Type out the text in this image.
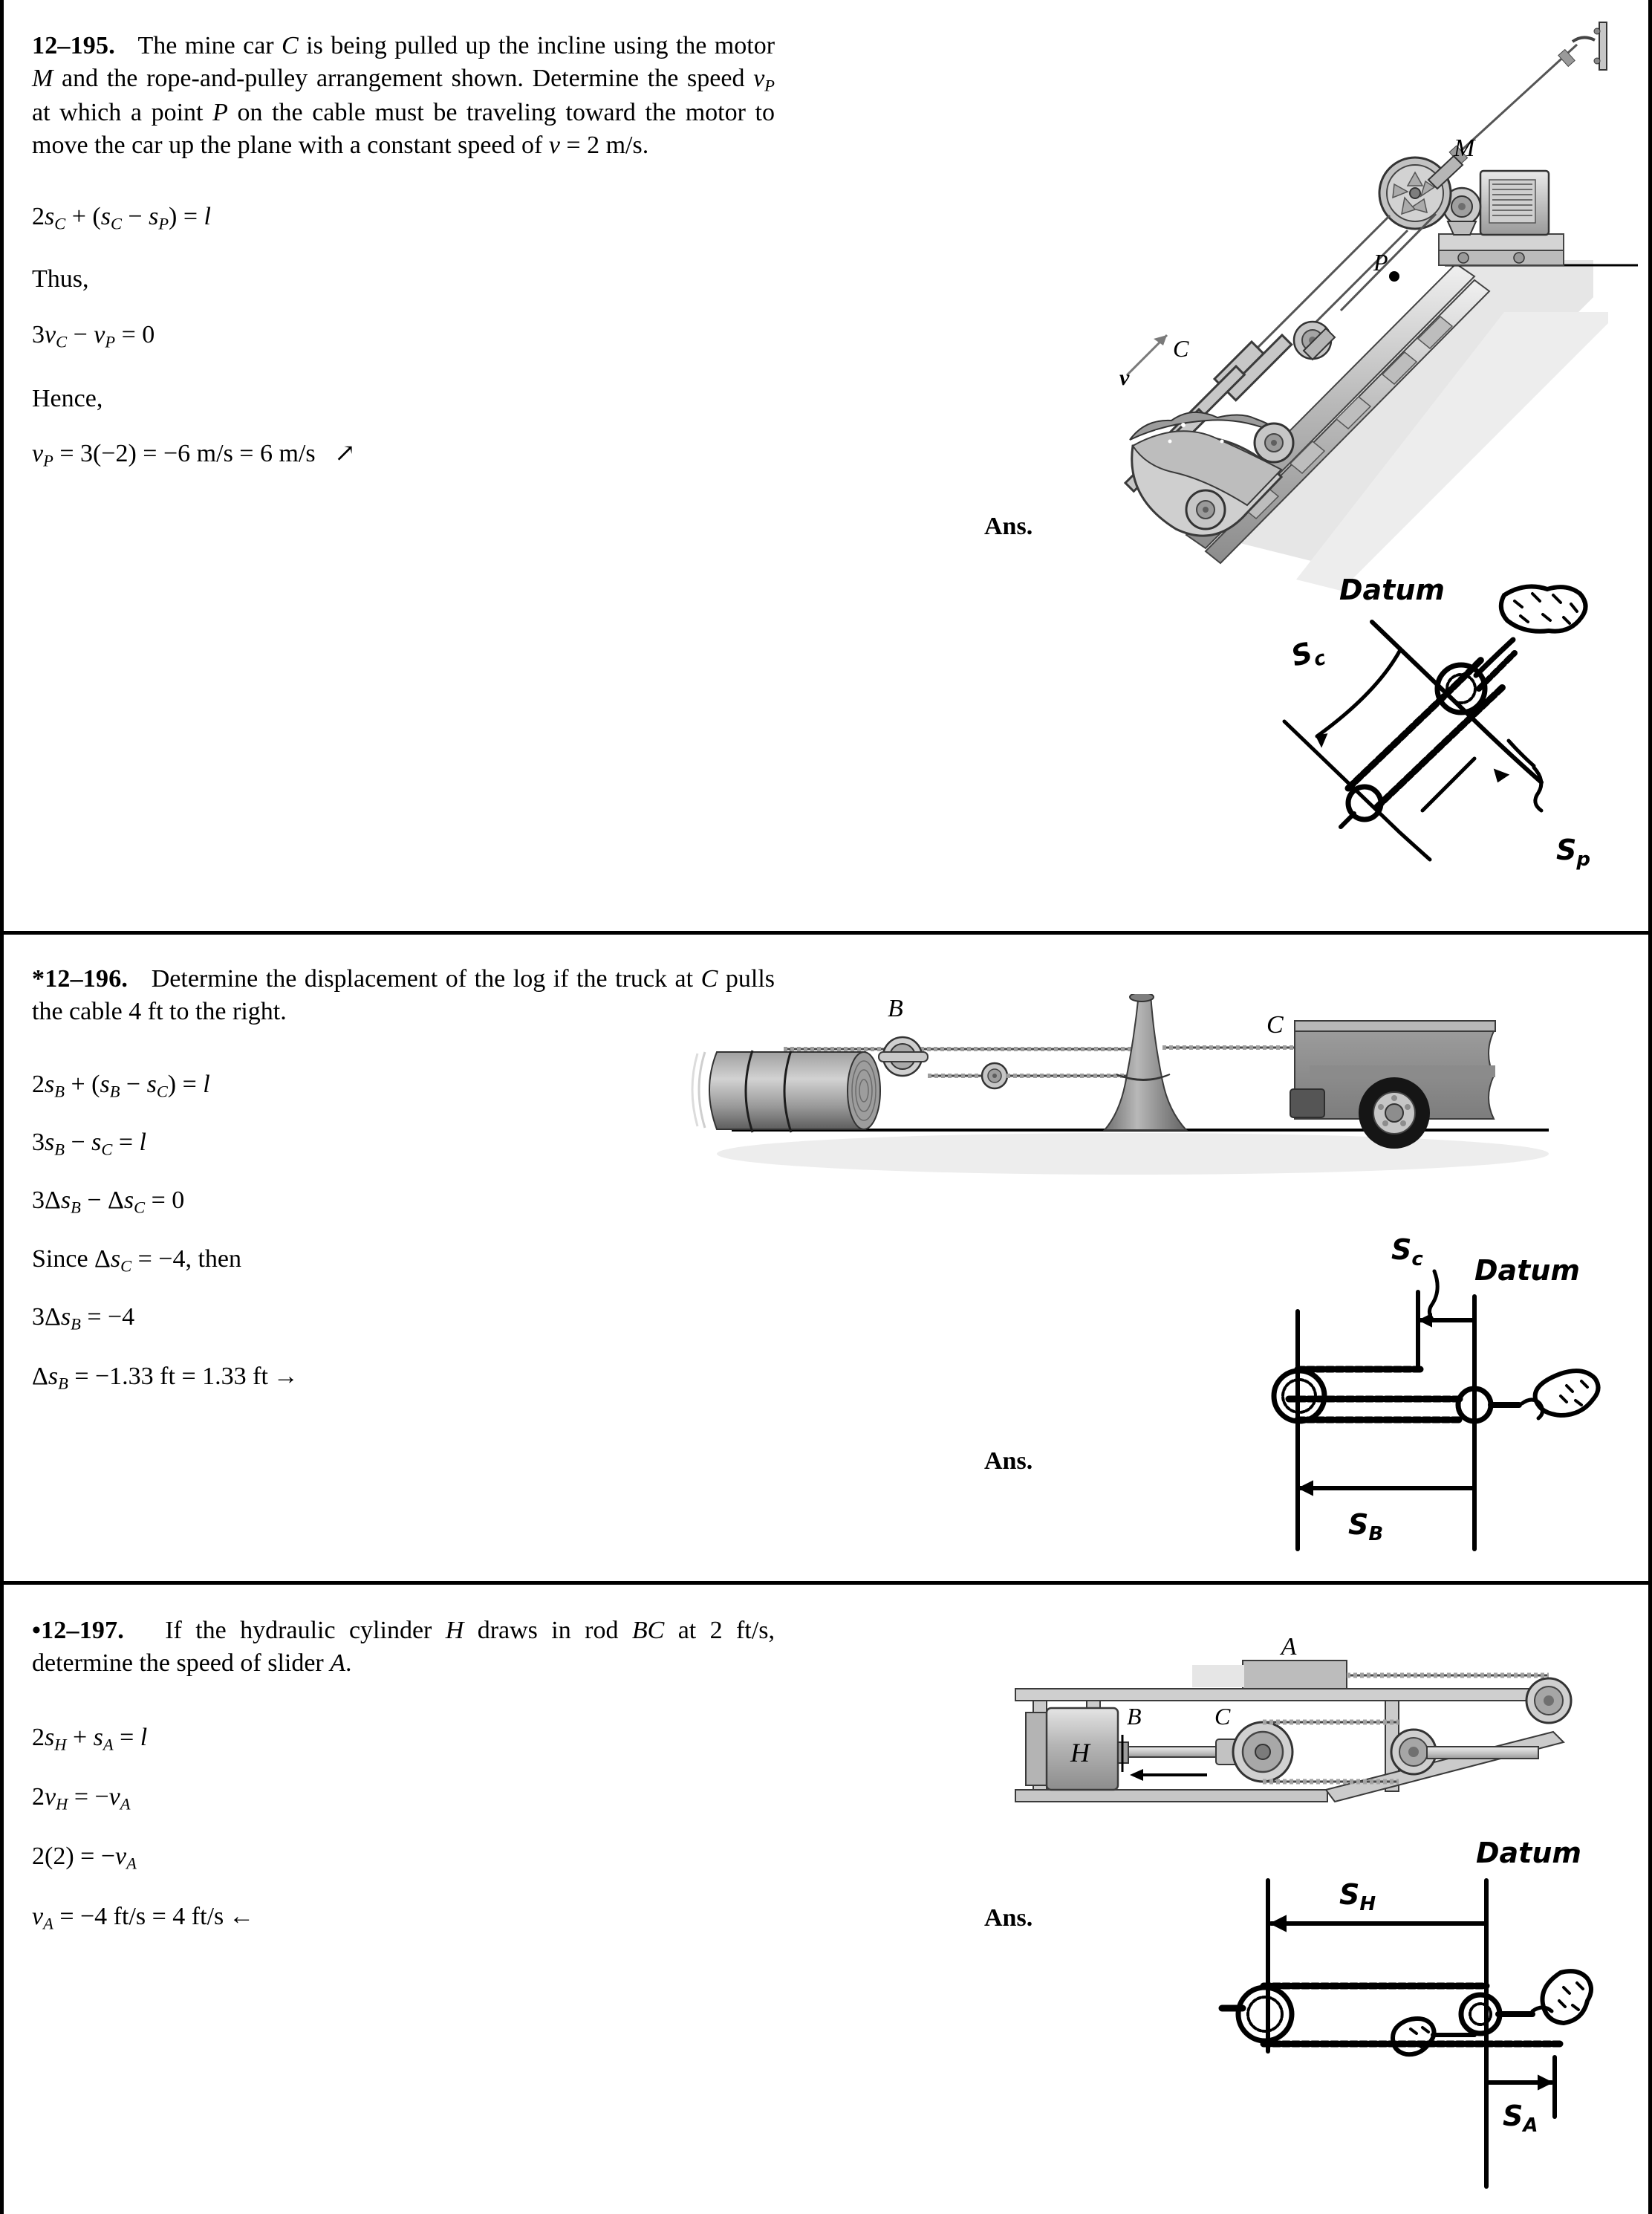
12–195.   The mine car C is being pulled up the incline using the motor M and the rope-and-pulley arrangement shown. Determine the speed $v_P$ at which a point P on the cable must be traveling toward the motor to move the car up the plane with a constant speed of v = 2 m/s.

$2s_C + (s_C - s_P) = l$
Thus,
$3v_C - v_P = 0$
Hence,
$v_P = 3(-2) = -6$ m/s = 6 m/s   ↗
Ans.
v
C
M
P
Datum
$S_c$
$S_p$

*12–196.   Determine the displacement of the log if the truck at C pulls the cable 4 ft to the right.

$2s_B + (s_B - s_C) = l$
$3s_B - s_C = l$
$3\Delta s_B - \Delta s_C = 0$
Since $\Delta s_C = -4$, then
$3\Delta s_B = -4$
$\Delta s_B = -1.33$ ft = 1.33 ft →
Ans.
B
C
$S_c$ Datum
$S_B$

•12–197.   If the hydraulic cylinder H draws in rod BC at 2 ft/s, determine the speed of slider A.

$2s_H + s_A = l$
$2v_H = -v_A$
$2(2) = -v_A$
$v_A = -4$ ft/s = 4 ft/s ←	Ans.
A
H
B	C
Datum
$S_H$
$S_A$
